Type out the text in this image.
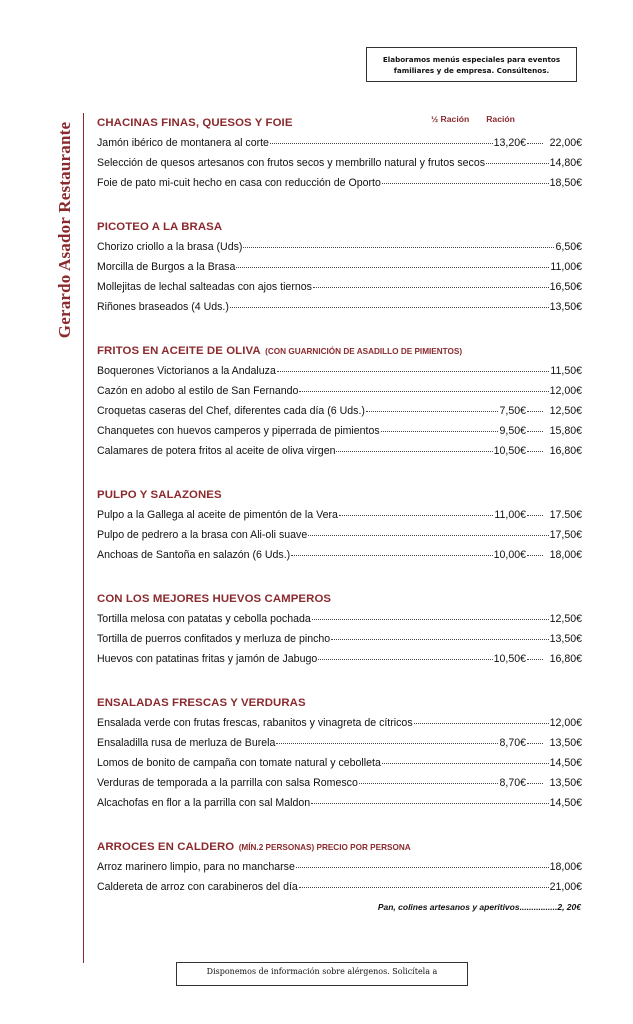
Elaboramos menús especiales para eventos
familiares y de empresa. Consúltenos.
Gerardo Asador Restaurante CHACINAS FINAS, QUESOS Y FOIE	½ Ración Ración
Jamón ibérico de montanera al corte	13,20€	22,00€
Selección de quesos artesanos con frutos secos y membrillo natural y frutos secos	14,80€
Foie de pato mi-cuit hecho en casa con reducción de Oporto	18,50€
PICOTEO A LA BRASA
Chorizo criollo a la brasa (Uds)	6,50€
Morcilla de Burgos a la Brasa	11,00€
Mollejitas de lechal salteadas con ajos tiernos	16,50€
Riñones braseados (4 Uds.)	13,50€
FRITOS EN ACEITE DE OLIVA (CON GUARNICIÓN DE ASADILLO DE PIMIENTOS)
Boquerones Victorianos a la Andaluza	11,50€
Cazón en adobo al estilo de San Fernando	12,00€
Croquetas caseras del Chef, diferentes cada día (6 Uds.)	7,50€	12,50€
Chanquetes con huevos camperos y piperrada de pimientos	9,50€	15,80€
Calamares de potera fritos al aceite de oliva virgen	10,50€	16,80€
PULPO Y SALAZONES
Pulpo a la Gallega al aceite de pimentón de la Vera	11,00€	17.50€
Pulpo de pedrero a la brasa con Ali-oli suave	17,50€
Anchoas de Santoña en salazón (6 Uds.)	10,00€	18,00€
CON LOS MEJORES HUEVOS CAMPEROS
Tortilla melosa con patatas y cebolla pochada	12,50€
Tortilla de puerros confitados y merluza de pincho	13,50€
Huevos con patatinas fritas y jamón de Jabugo	10,50€	16,80€
ENSALADAS FRESCAS Y VERDURAS
Ensalada verde con frutas frescas, rabanitos y vinagreta de cítricos	12,00€
Ensaladilla rusa de merluza de Burela	8,70€	13,50€
Lomos de bonito de campaña con tomate natural y cebolleta	14,50€
Verduras de temporada a la parrilla con salsa Romesco	8,70€	13,50€
Alcachofas en flor a la parrilla con sal Maldon	14,50€
ARROCES EN CALDERO (MÍN.2 PERSONAS) PRECIO POR PERSONA
Arroz marinero limpio, para no mancharse	18,00€
Caldereta de arroz con carabineros del día	21,00€
Pan, colines artesanos y aperitivos................2, 20€
Disponemos de información sobre alérgenos. Solicítela a
